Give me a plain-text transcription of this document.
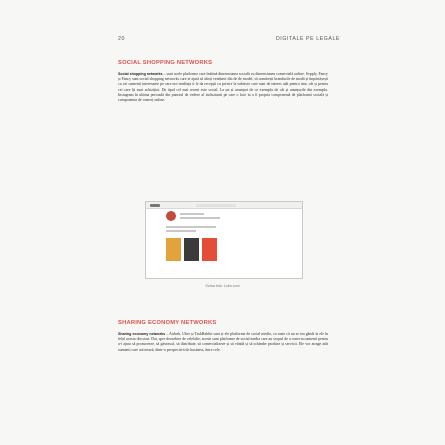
20	DIGITALE PE LEGALE
SOCIAL SHOPPING NETWORKS
Social shopping networks – sunt acele platforme care îmbină dimensiunea socială cu dimensiunea comercială online. Svpply, Fancy și Fancy sunt social shopping networks care te ajută să aboți vendueri din de de model, să urmărești brandurile de modă și împărtășești cu cei oamenii interesante pe care noi tendința ti le da recepții cu privire la subiecte care sunt de interes atât pentru tine, cât și pentru cei care îți sunt achizițioi. De tipul cel mai recent este social. La un și anunțuri de ce exemplu de cât și anunțurile din exemplu. Instagram în ultima perioadă din punctul de vedere al incluziunii pe care o face in a fi propria componentă de platformă socială și componenta de comerț online.
Sursa foto: Lobo.com
SHARING ECONOMY NETWORKS
Sharing economy networks – Airbnb, Uber și TaskRabbit sunt și ele platforme de social media, cu toate că nu se tea gândi la ele în felul acesta din start. Dar, spre deosebire de celelalte, aceste sunt platforme de social media care au scopul de a conecta oamenii pentru a-i ajuta să promoveze, să găsească, să distribuie, să comercializeze și să vândă și să schimbe produse și servicii. Ele vor atrage atât oamenii care activează, dintr-o perspectivă de business, între cele.
